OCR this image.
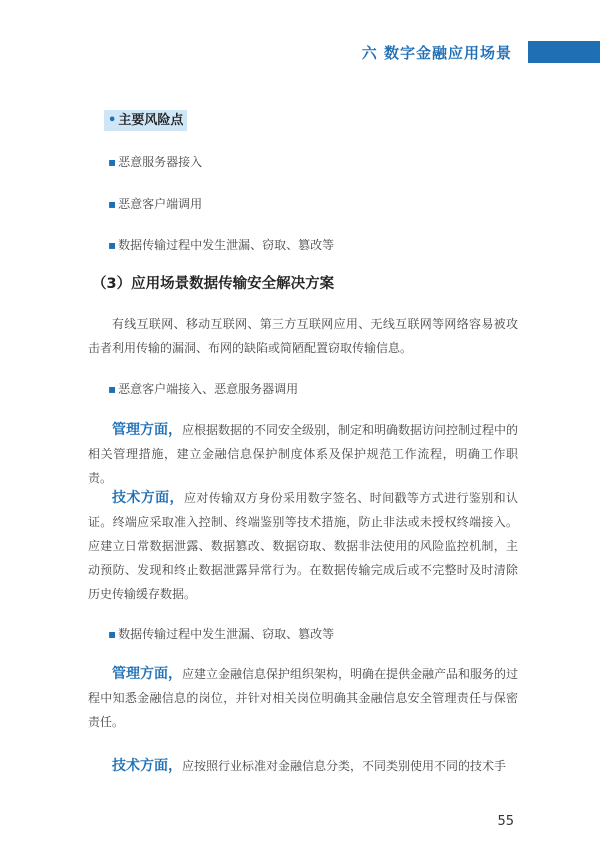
六 数字金融应用场景
• 主要风险点
▪ 恶意服务器接入
▪ 恶意客户端调用
▪ 数据传输过程中发生泄漏、窃取、篡改等
（3）应用场景数据传输安全解决方案

有线互联网、移动互联网、第三方互联网应用、无线互联网等网络容易被攻击者利用传输的漏洞、布网的缺陷或简陋配置窃取传输信息。

▪ 恶意客户端接入、恶意服务器调用

管理方面，应根据数据的不同安全级别，制定和明确数据访问控制过程中的相关管理措施，建立金融信息保护制度体系及保护规范工作流程，明确工作职责。

技术方面，应对传输双方身份采用数字签名、时间戳等方式进行鉴别和认证。终端应采取准入控制、终端鉴别等技术措施，防止非法或未授权终端接入。应建立日常数据泄露、数据篡改、数据窃取、数据非法使用的风险监控机制，主动预防、发现和终止数据泄露异常行为。在数据传输完成后或不完整时及时清除历史传输缓存数据。

▪ 数据传输过程中发生泄漏、窃取、篡改等

管理方面，应建立金融信息保护组织架构，明确在提供金融产品和服务的过程中知悉金融信息的岗位，并针对相关岗位明确其金融信息安全管理责任与保密责任。

技术方面，应按照行业标准对金融信息分类，不同类别使用不同的技术手

55
